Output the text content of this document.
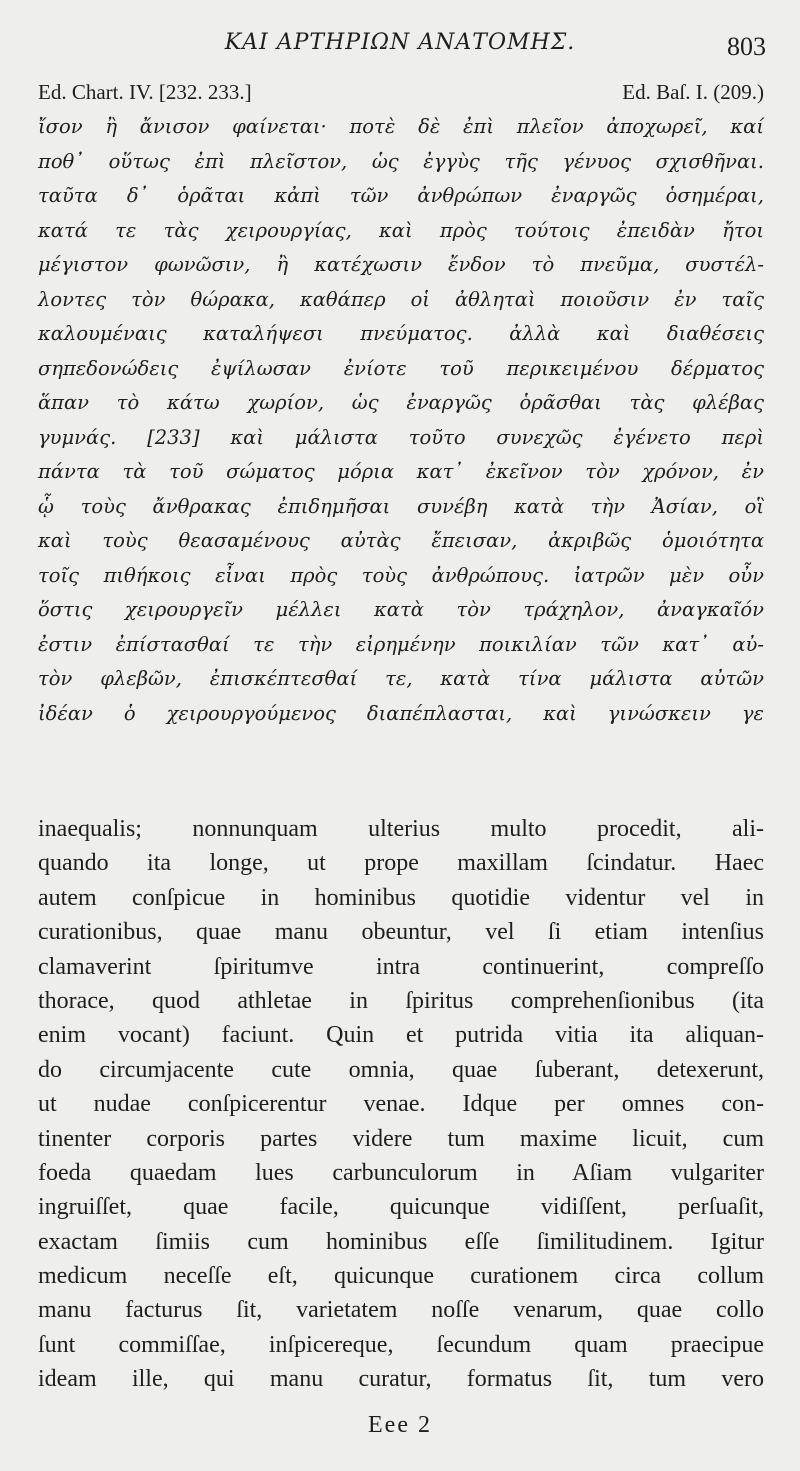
ΚΑΙ ΑΡΤΗΡΙΩΝ ΑΝΑΤΟΜΗΣ.	803
Ed. Chart. IV. [232. 233.]	Ed. Baſ. I. (209.)
ἴσον ἢ ἄνισον φαίνεται· ποτὲ δὲ ἐπὶ πλεῖον ἀποχωρεῖ, καί
ποθ᾽ οὕτως ἐπὶ πλεῖστον, ὡς ἐγγὺς τῆς γένυος σχισθῆναι.
ταῦτα δ᾽ ὁρᾶται κἀπὶ τῶν ἀνθρώπων ἐναργῶς ὁσημέραι,
κατά τε τὰς χειρουργίας, καὶ πρὸς τούτοις ἐπειδὰν ἤτοι
μέγιστον φωνῶσιν, ἢ κατέχωσιν ἔνδον τὸ πνεῦμα, συστέλ-
λοντες τὸν θώρακα, καθάπερ οἱ ἀθληταὶ ποιοῦσιν ἐν ταῖς
καλουμέναις καταλήψεσι πνεύματος. ἀλλὰ καὶ διαθέσεις
σηπεδονώδεις ἐψίλωσαν ἐνίοτε τοῦ περικειμένου δέρματος
ἅπαν τὸ κάτω χωρίον, ὡς ἐναργῶς ὁρᾶσθαι τὰς φλέβας
γυμνάς. [233] καὶ μάλιστα τοῦτο συνεχῶς ἐγένετο περὶ
πάντα τὰ τοῦ σώματος μόρια κατ᾽ ἐκεῖνον τὸν χρόνον, ἐν
ᾧ τοὺς ἄνθρακας ἐπιδημῆσαι συνέβη κατὰ τὴν Ἀσίαν, οἳ
καὶ τοὺς θεασαμένους αὐτὰς ἔπεισαν, ἀκριβῶς ὁμοιότητα
τοῖς πιθήκοις εἶναι πρὸς τοὺς ἀνθρώπους. ἰατρῶν μὲν οὖν
ὅστις χειρουργεῖν μέλλει κατὰ τὸν τράχηλον, ἀναγκαῖόν
ἐστιν ἐπίστασθαί τε τὴν εἰρημένην ποικιλίαν τῶν κατ᾽ αὐ-
τὸν φλεβῶν, ἐπισκέπτεσθαί τε, κατὰ τίνα μάλιστα αὐτῶν
ἰδέαν ὁ χειρουργούμενος διαπέπλασται, καὶ γινώσκειν γε
inaequalis; nonnunquam ulterius multo procedit, ali-
quando ita longe, ut prope maxillam ſcindatur. Haec
autem conſpicue in hominibus quotidie videntur vel in
curationibus, quae manu obeuntur, vel ſi etiam intenſius
clamaverint ſpiritumve intra continuerint, compreſſo
thorace, quod athletae in ſpiritus comprehenſionibus (ita
enim vocant) faciunt. Quin et putrida vitia ita aliquan-
do circumjacente cute omnia, quae ſuberant, detexerunt,
ut nudae conſpicerentur venae. Idque per omnes con-
tinenter corporis partes videre tum maxime licuit, cum
foeda quaedam lues carbunculorum in Aſiam vulgariter
ingruiſſet, quae facile, quicunque vidiſſent, perſuaſit,
exactam ſimiis cum hominibus eſſe ſimilitudinem. Igitur
medicum neceſſe eſt, quicunque curationem circa collum
manu facturus ſit, varietatem noſſe venarum, quae collo
ſunt commiſſae, inſpicereque, ſecundum quam praecipue
ideam ille, qui manu curatur, formatus ſit, tum vero
Eee 2
